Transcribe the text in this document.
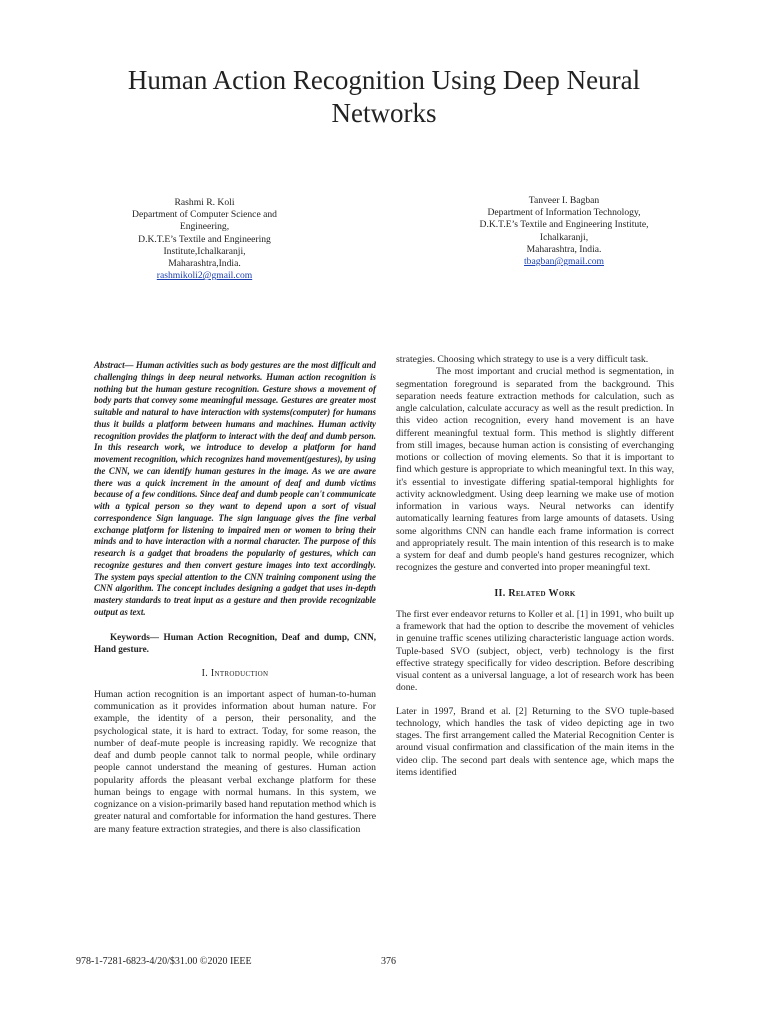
Human Action Recognition Using Deep Neural Networks
Rashmi R. Koli
Department of Computer Science and
Engineering,
D.K.T.E’s Textile and Engineering
Institute,Ichalkaranji,
Maharashtra,India.
rashmikoli2@gmail.com
Tanveer I. Bagban
Department of Information Technology,
D.K.T.E’s Textile and Engineering Institute,
Ichalkaranji,
Maharashtra, India.
tbagban@gmail.com

Abstract— Human activities such as body gestures are the most difficult and challenging things in deep neural networks. Human action recognition is nothing but the human gesture recognition. Gesture shows a movement of body parts that convey some meaningful message. Gestures are greater most suitable and natural to have interaction with systems(computer) for humans thus it builds a platform between humans and machines. Human activity recognition provides the platform to interact with the deaf and dumb person. In this research work, we introduce to develop a platform for hand movement recognition, which recognizes hand movement(gestures), by using the CNN, we can identify human gestures in the image. As we are aware there was a quick increment in the amount of deaf and dumb victims because of a few conditions. Since deaf and dumb people can't communicate with a typical person so they want to depend upon a sort of visual correspondence Sign language. The sign language gives the fine verbal exchange platform for listening to impaired men or women to bring their minds and to have interaction with a normal character. The purpose of this research is a gadget that broadens the popularity of gestures, which can recognize gestures and then convert gesture images into text accordingly. The system pays special attention to the CNN training component using the CNN algorithm. The concept includes designing a gadget that uses in-depth mastery standards to treat input as a gesture and then provide recognizable output as text.

Keywords— Human Action Recognition, Deaf and dump, CNN, Hand gesture.

I. Introduction

Human action recognition is an important aspect of human-to-human communication as it provides information about human nature. For example, the identity of a person, their personality, and the psychological state, it is hard to extract. Today, for some reason, the number of deaf-mute people is increasing rapidly. We recognize that deaf and dumb people cannot talk to normal people, while ordinary people cannot understand the meaning of gestures. Human action popularity affords the pleasant verbal exchange platform for these human beings to engage with normal humans. In this system, we cognizance on a vision-primarily based hand reputation method which is greater natural and comfortable for information the hand gestures. There are many feature extraction strategies, and there is also classification

strategies. Choosing which strategy to use is a very difficult task.

The most important and crucial method is segmentation, in segmentation foreground is separated from the background. This separation needs feature extraction methods for calculation, such as angle calculation, calculate accuracy as well as the result prediction. In this video action recognition, every hand movement is an have different meaningful textual form. This method is slightly different from still images, because human action is consisting of everchanging motions or collection of moving elements. So that it is important to find which gesture is appropriate to which meaningful text. In this way, it's essential to investigate differing spatial-temporal highlights for activity acknowledgment. Using deep learning we make use of motion information in various ways. Neural networks can identify automatically learning features from large amounts of datasets. Using some algorithms CNN can handle each frame information is correct and appropriately result. The main intention of this research is to make a system for deaf and dumb people's hand gestures recognizer, which recognizes the gesture and converted into proper meaningful text.

II. Related Work

The first ever endeavor returns to Koller et al. [1] in 1991, who built up a framework that had the option to describe the movement of vehicles in genuine traffic scenes utilizing characteristic language action words. Tuple-based SVO (subject, object, verb) technology is the first effective strategy specifically for video description. Before describing visual content as a universal language, a lot of research work has been done.

Later in 1997, Brand et al. [2] Returning to the SVO tuple-based technology, which handles the task of video depicting age in two stages. The first arrangement called the Material Recognition Center is around visual confirmation and classification of the main items in the video clip. The second part deals with sentence age, which maps the items identified

978-1-7281-6823-4/20/$31.00 ©2020 IEEE	376
